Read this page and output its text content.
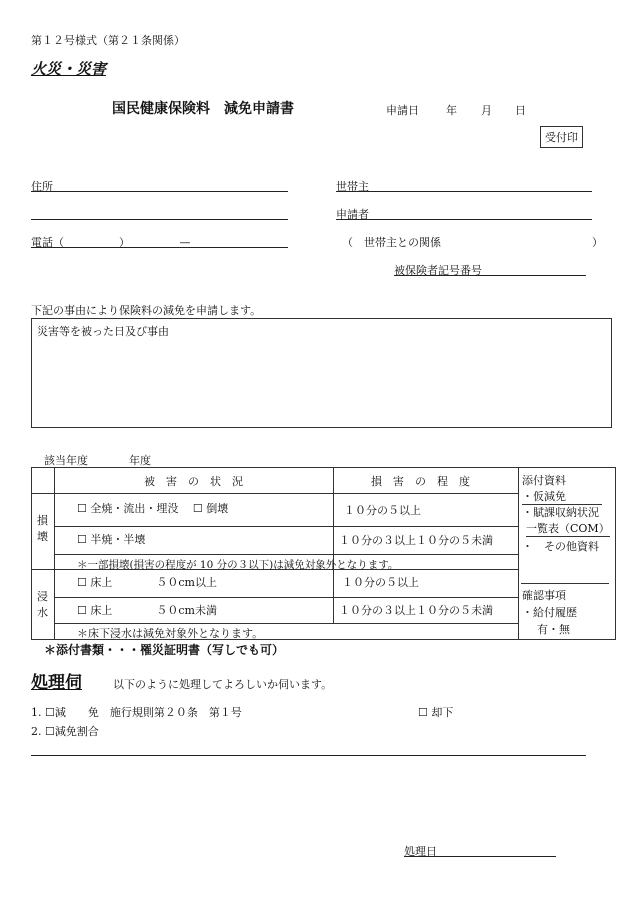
第１２号様式（第２１条関係）
火災・災害
国民健康保険料　減免申請書	申請日 年 月 日
受付印
住所	世帯主
申請者
電話（　　　　　）　　　　　—	（　世帯主との関係	）
被保険者記号番号
下記の事由により保険料の減免を申請します。
災害等を被った日及び事由
該当年度	年度
被　害　の　状　況	損　害　の　程　度
損
壊
浸
水
☐ 全焼・流出・埋没　 ☐ 倒壊	１０分の５以上
☐ 半焼・半壊	１０分の３以上１０分の５未満
＊一部損壊(損害の程度が 10 分の３以下)は減免対象外となります。
☐ 床上　　　　５０cm以上	１０分の５以上
☐ 床上　　　　５０cm未満	１０分の３以上１０分の５未満
＊床下浸水は減免対象外となります。
添付資料
・仮減免
・賦課収納状況
一覧表（COM）
・　その他資料
確認事項
・給付履歴
有・無
＊添付書類・・・罹災証明書（写しでも可）
処理伺	以下のように処理してよろしいか伺います。
1. ☐減　　免　施行規則第２０条　第１号	☐ 却下
2. ☐減免割合
処理日
